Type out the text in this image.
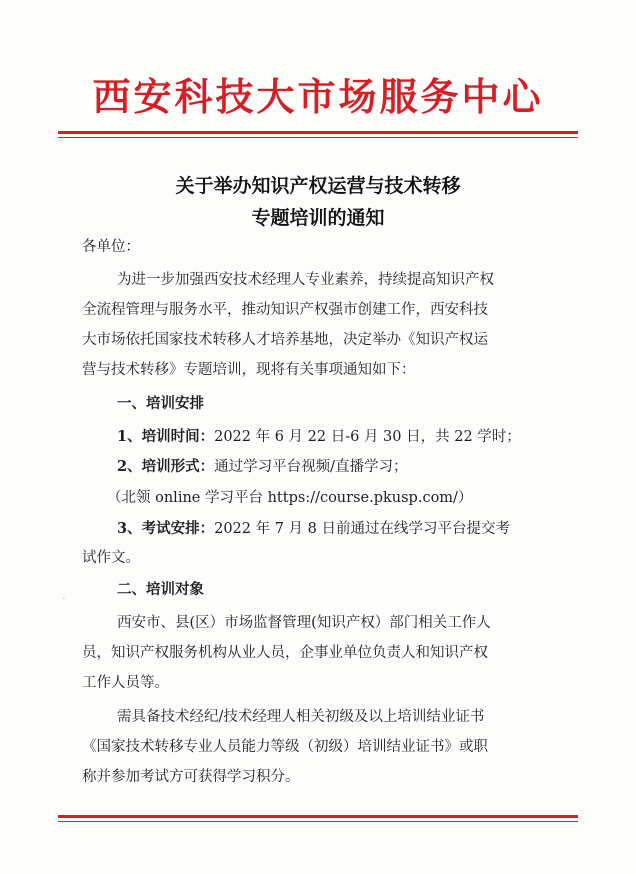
西安科技大市场服务中心
关于举办知识产权运营与技术转移
专题培训的通知

各单位：

为进一步加强西安技术经理人专业素养，持续提高知识产权

全流程管理与服务水平，推动知识产权强市创建工作，西安科技

大市场依托国家技术转移人才培养基地，决定举办《知识产权运

营与技术转移》专题培训，现将有关事项通知如下：

一、培训安排

1、培训时间：2022 年 6 月 22 日-6 月 30 日，共 22 学时；

2、培训形式：通过学习平台视频/直播学习；

（北领 online 学习平台 https://course.pkusp.com/）

3、考试安排：2022 年 7 月 8 日前通过在线学习平台提交考

试作文。

二、培训对象

西安市、县(区）市场监督管理(知识产权）部门相关工作人

员，知识产权服务机构从业人员，企事业单位负责人和知识产权

工作人员等。

需具备技术经纪/技术经理人相关初级及以上培训结业证书

《国家技术转移专业人员能力等级（初级）培训结业证书》或职

称并参加考试方可获得学习积分。

·
